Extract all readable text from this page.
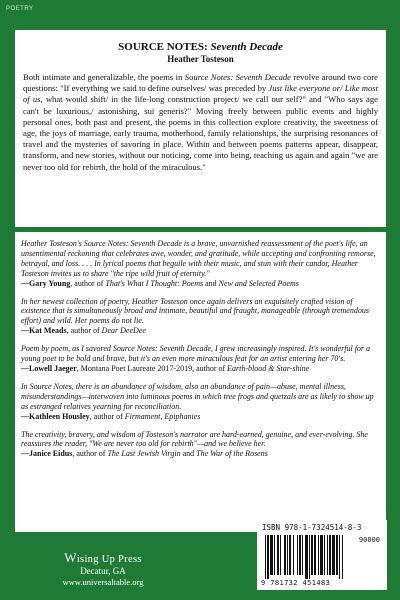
POETRY
SOURCE NOTES: Seventh Decade
Heather Tosteson

Both intimate and generalizable, the poems in Source Notes: Seventh Decade revolve around two core questions: "If everything we said to define ourselves/ was preceded by Just like everyone or/ Like most of us, what would shift/ in the life-long construction project/ we call our self?" and "Who says age can't be luxurious,/ astonishing, sui generis?" Moving freely between public events and highly personal ones, both past and present, the poems in this collection explore creativity, the sweetness of age, the joys of marriage, early trauma, motherhood, family relationships, the surprising resonances of travel and the mysteries of savoring in place. Within and between poems patterns appear, disappear, transform, and new stories, without our noticing, come into being, teaching us again and again "we are never too old for rebirth, the hold of the miraculous."

Heather Tosteson's Source Notes: Seventh Decade is a brave, unvarnished reassessment of the poet's life, an unsentimental reckoning that celebrates awe, wonder, and gratitude, while accepting and confronting remorse, betrayal, and loss. . . . In lyrical poems that beguile with their music, and stun with their candor, Heather Tosteson invites us to share "the ripe wild fruit of eternity."

—Gary Young, author of That's What I Thought: Poems and New and Selected Poems

In her newest collection of poetry, Heather Tosteson once again delivers an exquisitely crafted vision of existence that is simultaneously broad and intimate, beautiful and fraught, manageable (through tremendous effort) and wild. Her poems do not lie.

—Kat Meads, author of Dear DeeDee

Poem by poem, as I savored Source Notes: Seventh Decade, I grew increasingly inspired. It's wonderful for a young poet to be bold and brave, but it's an even more miraculous feat for an artist entering her 70's.

—Lowell Jaeger, Montana Poet Laureate 2017-2019, author of Earth-blood & Star-shine

In Source Notes, there is an abundance of wisdom, also an abundance of pain—abuse, mental illness, misunderstandings—interwoven into luminous poems in which tree frogs and quetzals are as likely to show up as estranged relatives yearning for reconciliation.

—Kathleen Housley, author of Firmament, Epiphanies

The creativity, bravery, and wisdom of Tosteson's narrator are hard-earned, genuine, and ever-evolving. She reassures the reader, "We are never too old for rebirth"—and we believe her.

—Janice Eidus, author of The Last Jewish Virgin and The War of the Rosens

Wising Up Press
Decatur, GA
www.universaltable.org
ISBN 978-1-7324514-8-3
90000
9 781732 451483
